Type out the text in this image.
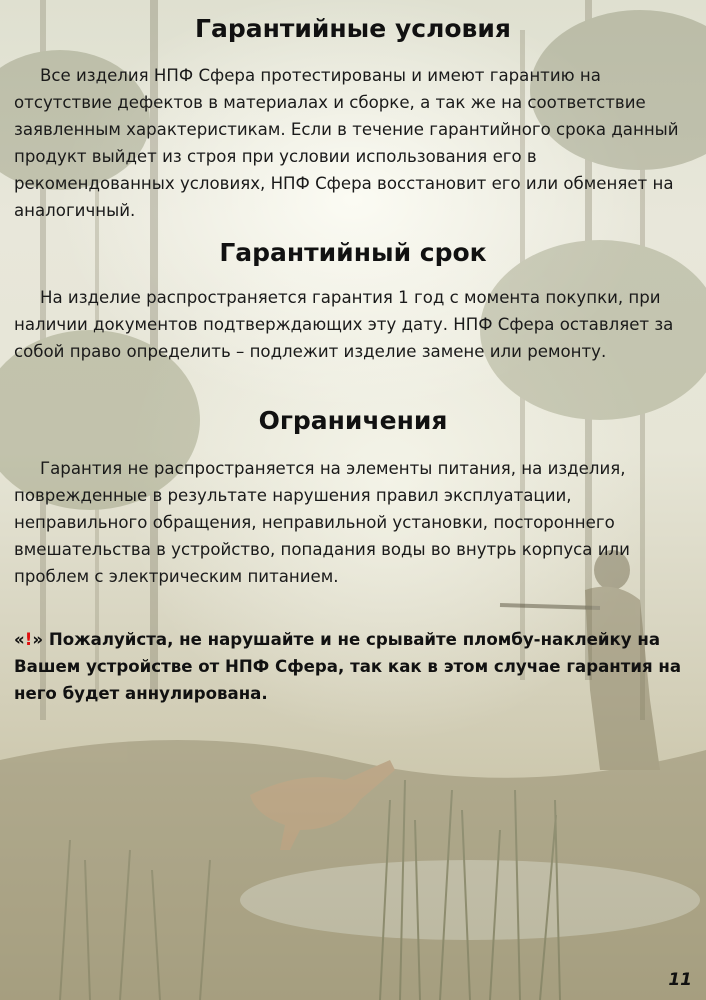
Гарантийные условия

Все изделия НПФ Сфера протестированы и имеют гарантию на отсутствие дефектов в материалах и сборке, а так же на соответствие заявленным характеристикам. Если в течение гарантийного срока данный продукт выйдет из строя при условии использования его в рекомендованных условиях, НПФ Сфера восстановит его или обменяет на аналогичный.

Гарантийный срок

На изделие распространяется гарантия 1 год с момента покупки, при наличии документов подтверждающих эту дату. НПФ Сфера оставляет за собой право определить – подлежит изделие замене или ремонту.

Ограничения

Гарантия не распространяется на элементы питания, на изделия, поврежденные в результате нарушения правил эксплуатации, неправильного обращения, неправильной установки, постороннего вмешательства в устройство, попадания воды во внутрь корпуса или проблем с электрическим питанием.

«!» Пожалуйста, не нарушайте и не срывайте пломбу-наклейку на Вашем устройстве от НПФ Сфера, так как в этом случае гарантия на него будет аннулирована.

11
